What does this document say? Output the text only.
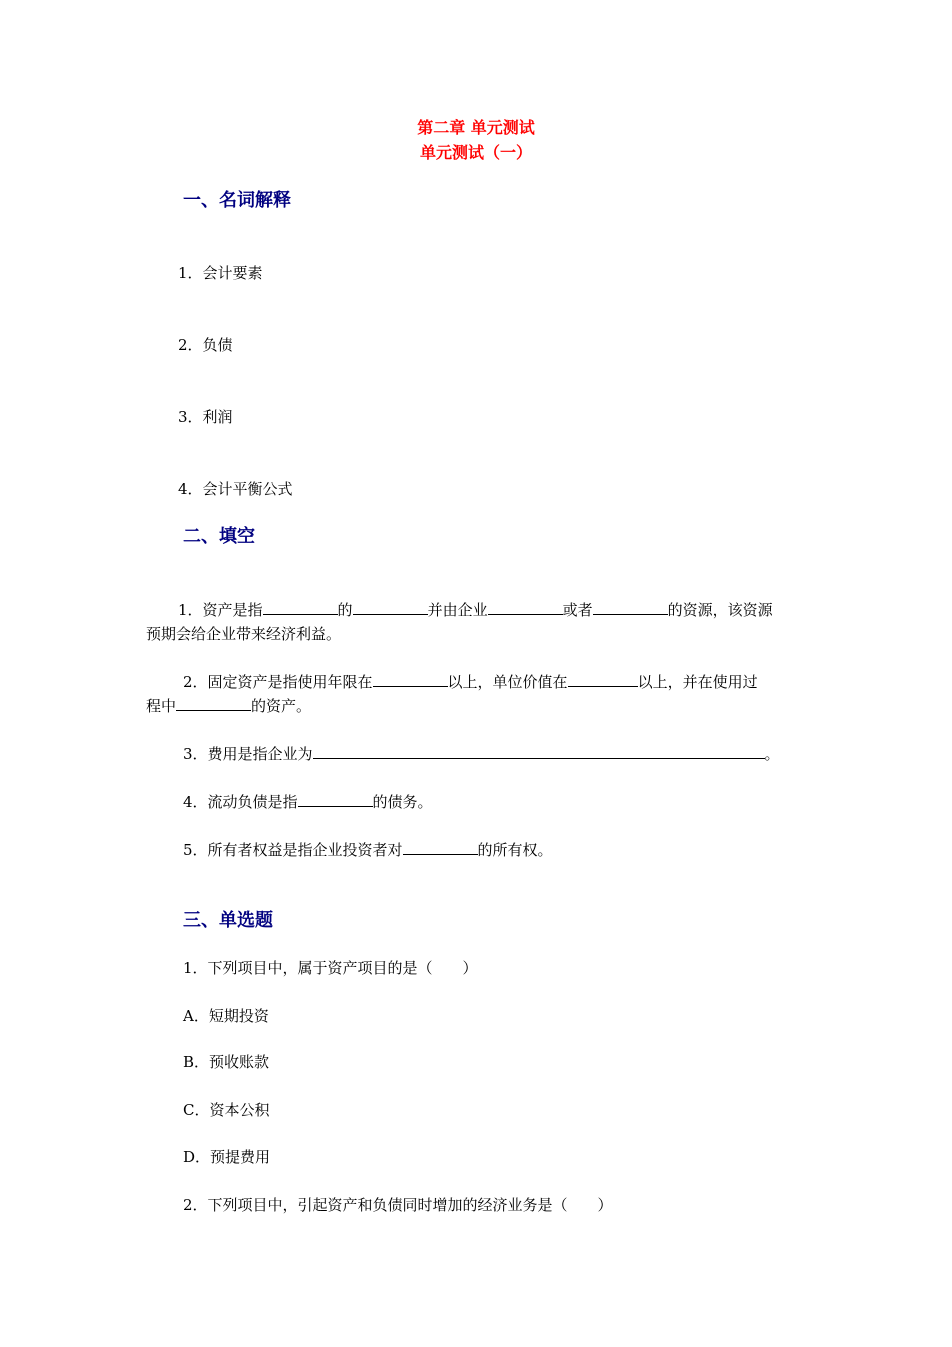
第二章 单元测试
单元测试（一）
一、名词解释
1．会计要素
2．负债
3．利润
4．会计平衡公式
二、填空
1．资产是指	的	并由企业	或者	的资源，该资源
预期会给企业带来经济利益。
2．固定资产是指使用年限在	以上，单位价值在	以上，并在使用过
程中	的资产。
3．费用是指企业为	。
4．流动负债是指	的债务。
5．所有者权益是指企业投资者对	的所有权。
三、单选题
1．下列项目中，属于资产项目的是（　　）
A．短期投资
B．预收账款
C．资本公积
D．预提费用
2．下列项目中，引起资产和负债同时增加的经济业务是（　　）
